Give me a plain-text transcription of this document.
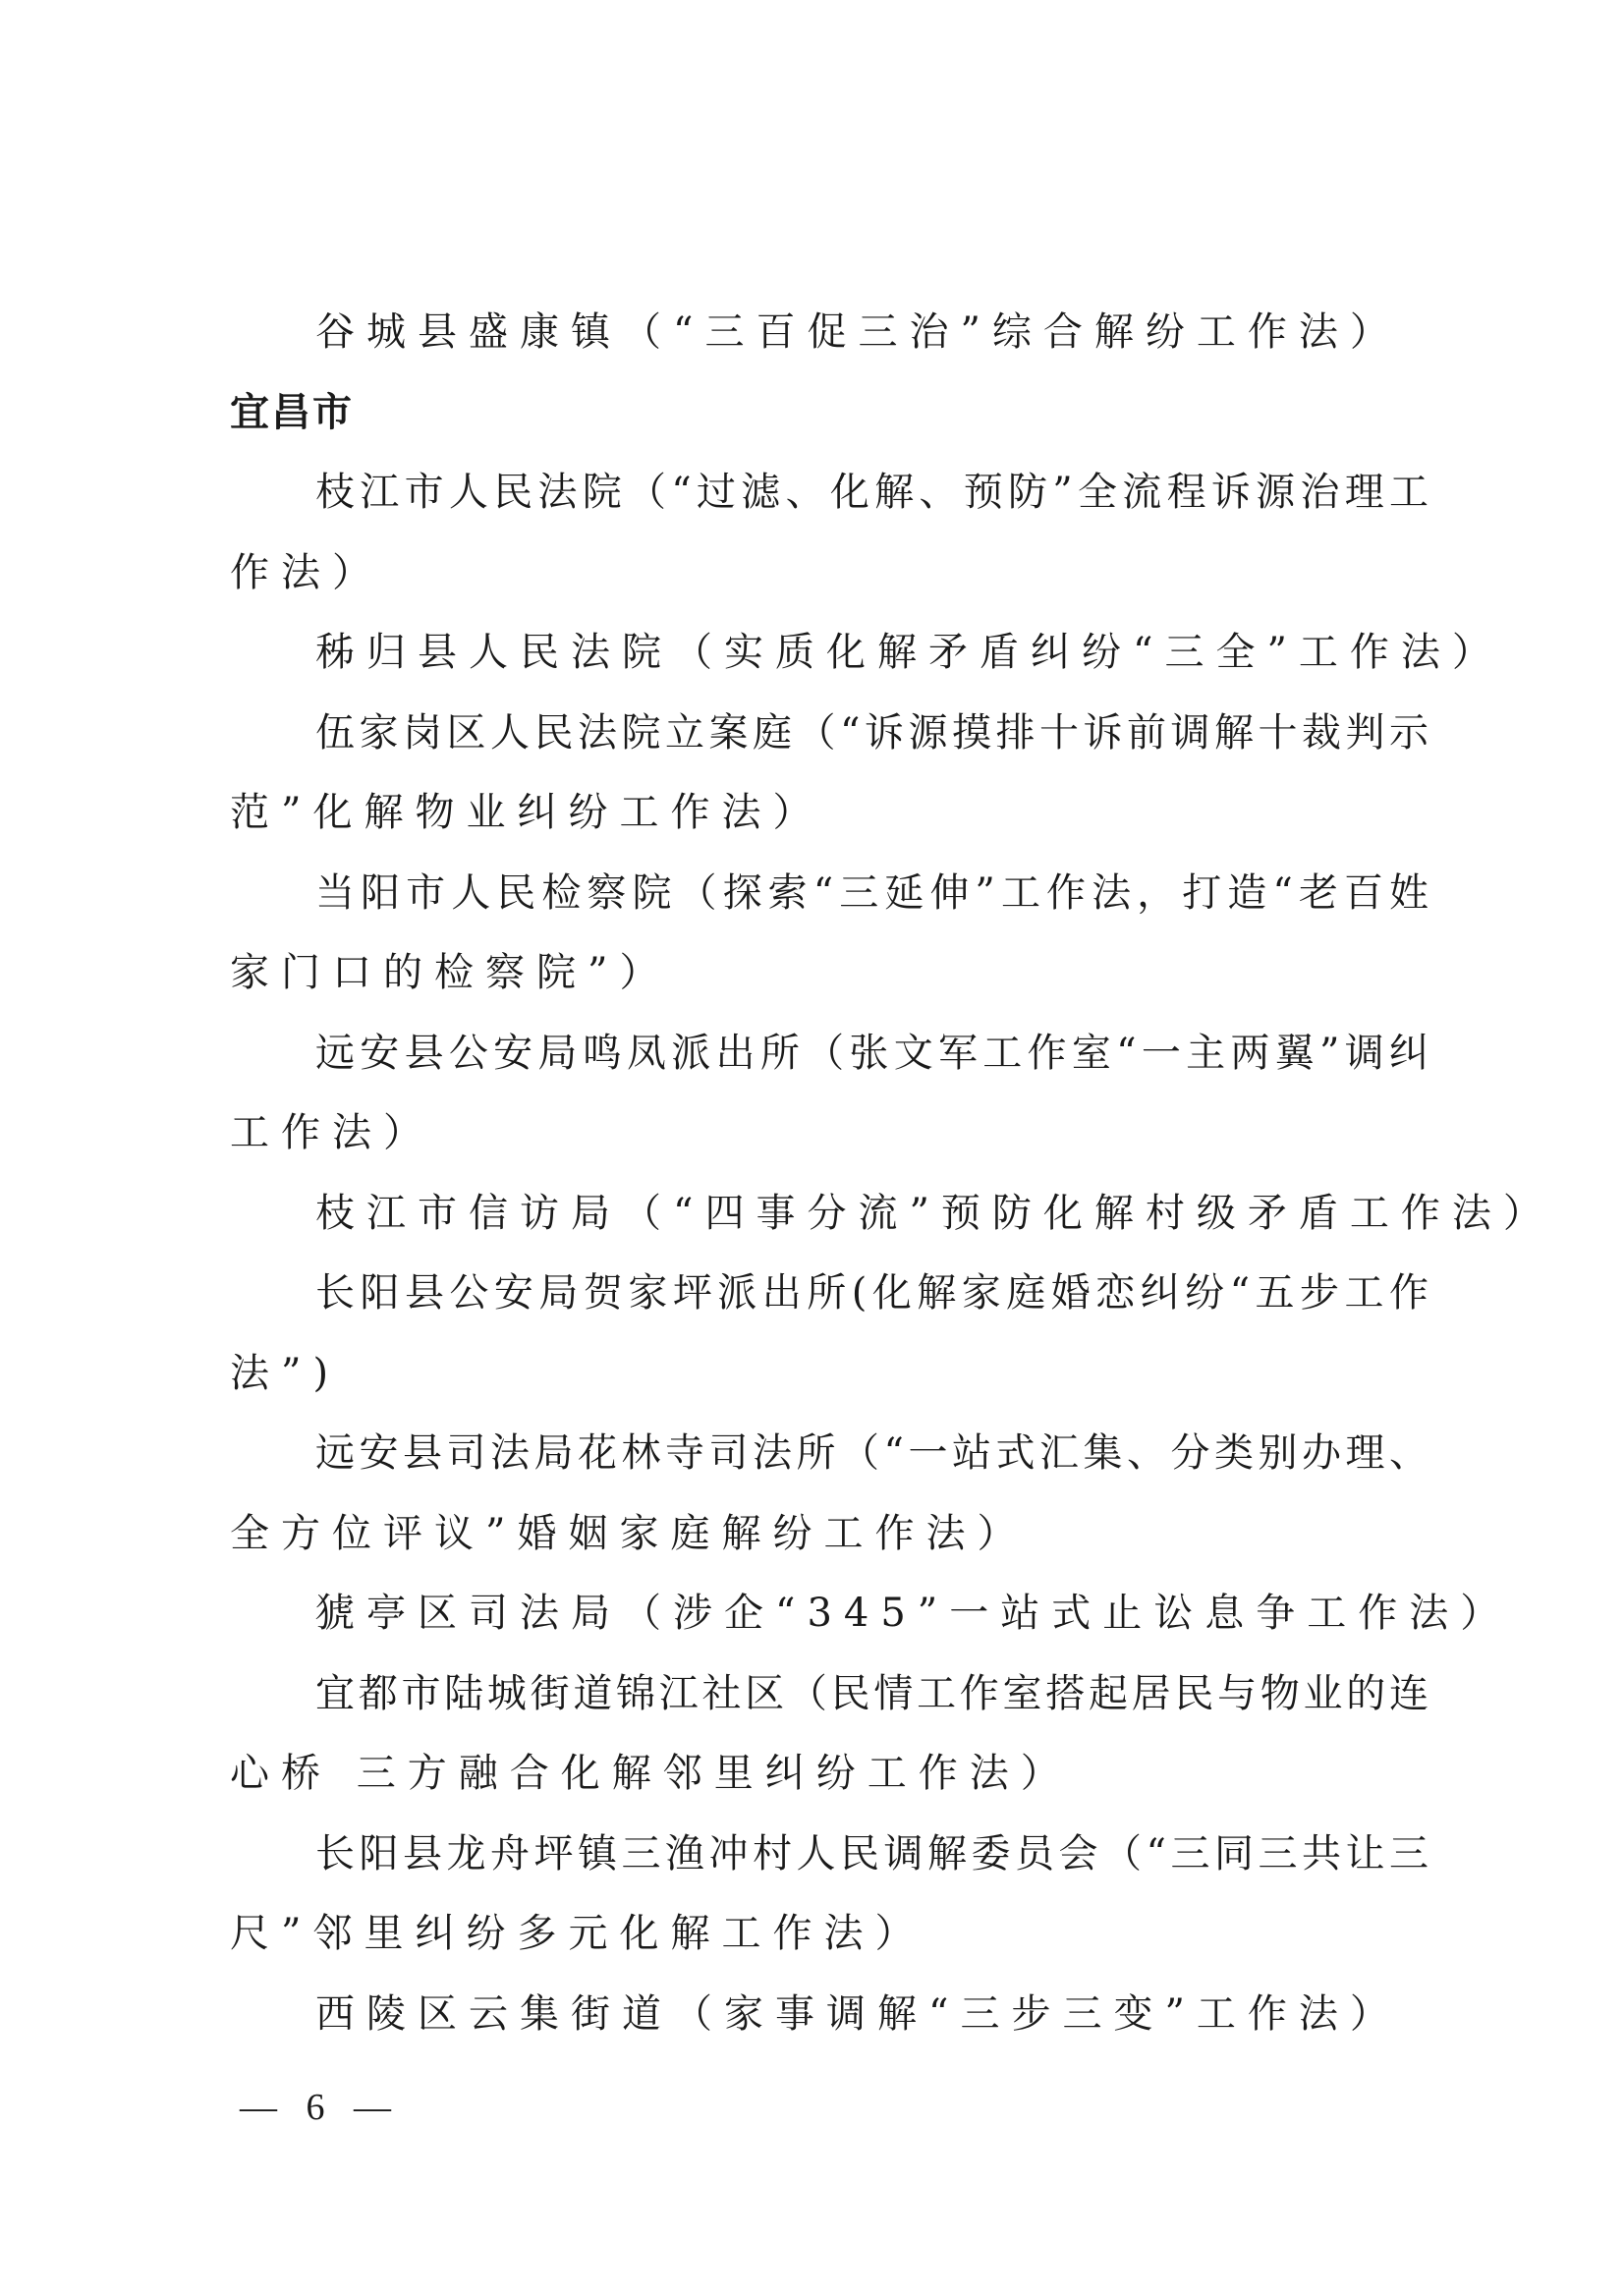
谷城县盛康镇（“三百促三治”综合解纷工作法）
宜昌市
枝江市人民法院（“过滤、化解、预防”全流程诉源治理工
作法）
秭归县人民法院（实质化解矛盾纠纷“三全”工作法）
伍家岗区人民法院立案庭（“诉源摸排十诉前调解十裁判示
范”化解物业纠纷工作法）
当阳市人民检察院（探索“三延伸”工作法，打造“老百姓
家门口的检察院”）
远安县公安局鸣凤派出所（张文军工作室“一主两翼”调纠
工作法）
枝江市信访局（“四事分流”预防化解村级矛盾工作法）
长阳县公安局贺家坪派出所(化解家庭婚恋纠纷“五步工作
法”)
远安县司法局花林寺司法所（“一站式汇集、分类别办理、
全方位评议”婚姻家庭解纷工作法）
猇亭区司法局（涉企“345”一站式止讼息争工作法）
宜都市陆城街道锦江社区（民情工作室搭起居民与物业的连
心桥 三方融合化解邻里纠纷工作法）
长阳县龙舟坪镇三渔冲村人民调解委员会（“三同三共让三
尺”邻里纠纷多元化解工作法）
西陵区云集街道（家事调解“三步三变”工作法）
— 6 —
